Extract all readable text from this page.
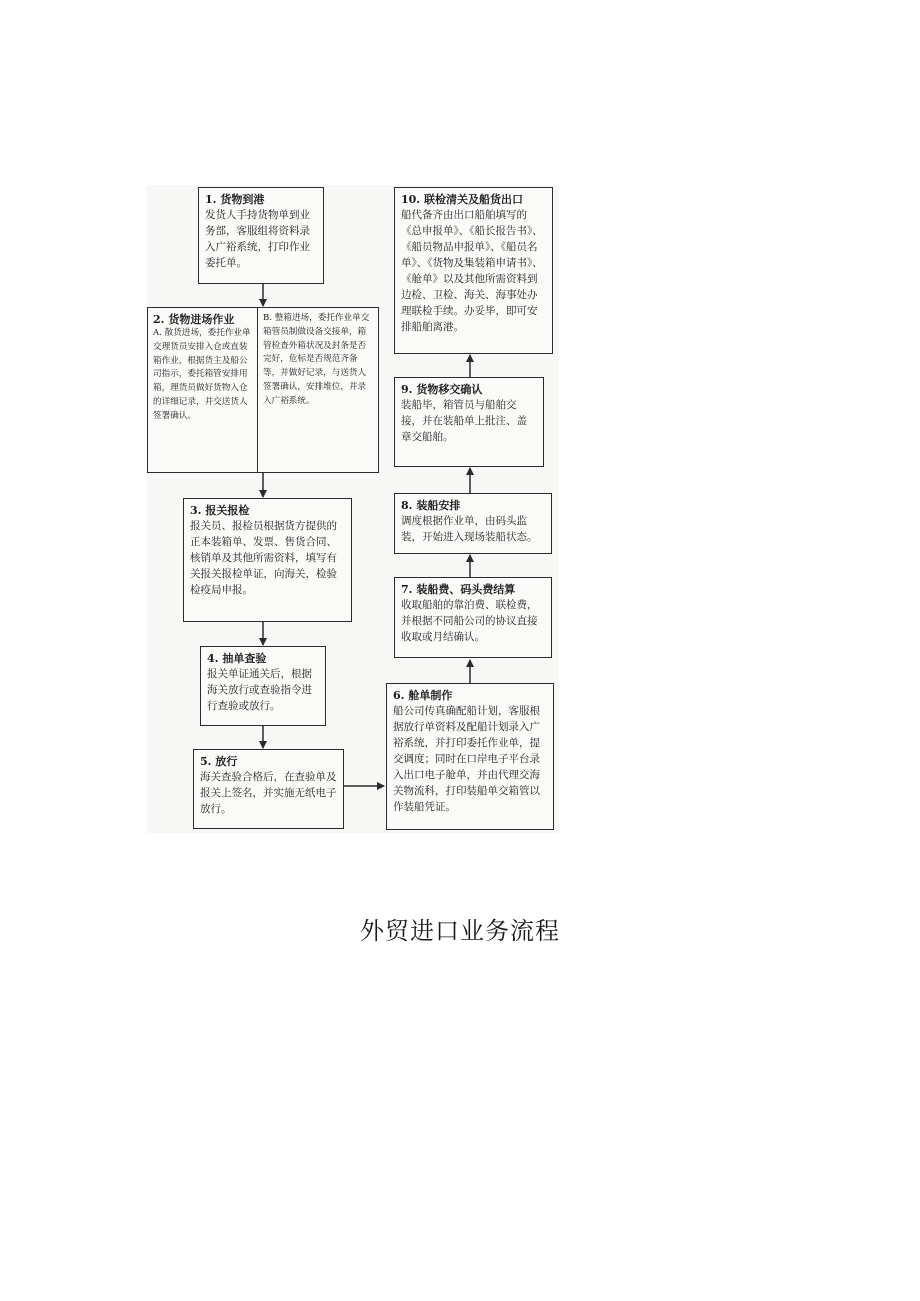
1. 货物到港
发货人手持货物单到业务部，客服组将资料录入广裕系统，打印作业委托单。
2. 货物进场作业
A. 散货进场，委托作业单交理货员安排入仓或直装箱作业，根据货主及船公司指示，委托箱管安排用箱，理货员做好货物入仓的详细记录，并交送货人签署确认。
B. 整箱进场，委托作业单交箱管员制做设备交接单，箱管检查外箱状况及封条是否完好，危标是否规范齐备等，并做好记录，与送货人签署确认，安排堆位，并录入广裕系统。
3. 报关报检
报关员、报检员根据货方提供的正本装箱单、发票、售货合同、核销单及其他所需资料，填写有关报关报检单证，向海关，检验检疫局申报。
4. 抽单查验
报关单证通关后，根据海关放行或查验指令进行查验或放行。
5. 放行
海关查验合格后，在查验单及报关上签名，并实施无纸电子放行。
6. 舱单制作
船公司传真确配船计划，客服根据放行单资料及配船计划录入广裕系统，并打印委托作业单，提交调度；同时在口岸电子平台录入出口电子舱单，并由代理交海关物流科，打印装船单交箱管以作装船凭证。
7. 装船费、码头费结算
收取船舶的靠泊费、联检费，并根据不同船公司的协议直接收取或月结确认。
8. 装船安排
调度根据作业单，由码头监装，开始进入现场装船状态。
9. 货物移交确认
装船毕，箱管员与船舶交接，并在装船单上批注、盖章交船舶。
10. 联检清关及船货出口
船代备齐由出口船舶填写的《总申报单》、《船长报告书》、《船员物品申报单》、《船员名单》、《货物及集装箱申请书》、《舱单》以及其他所需资料到边检、卫检、海关、海事处办理联检手续。办妥毕，即可安排船舶离港。
外贸进口业务流程
